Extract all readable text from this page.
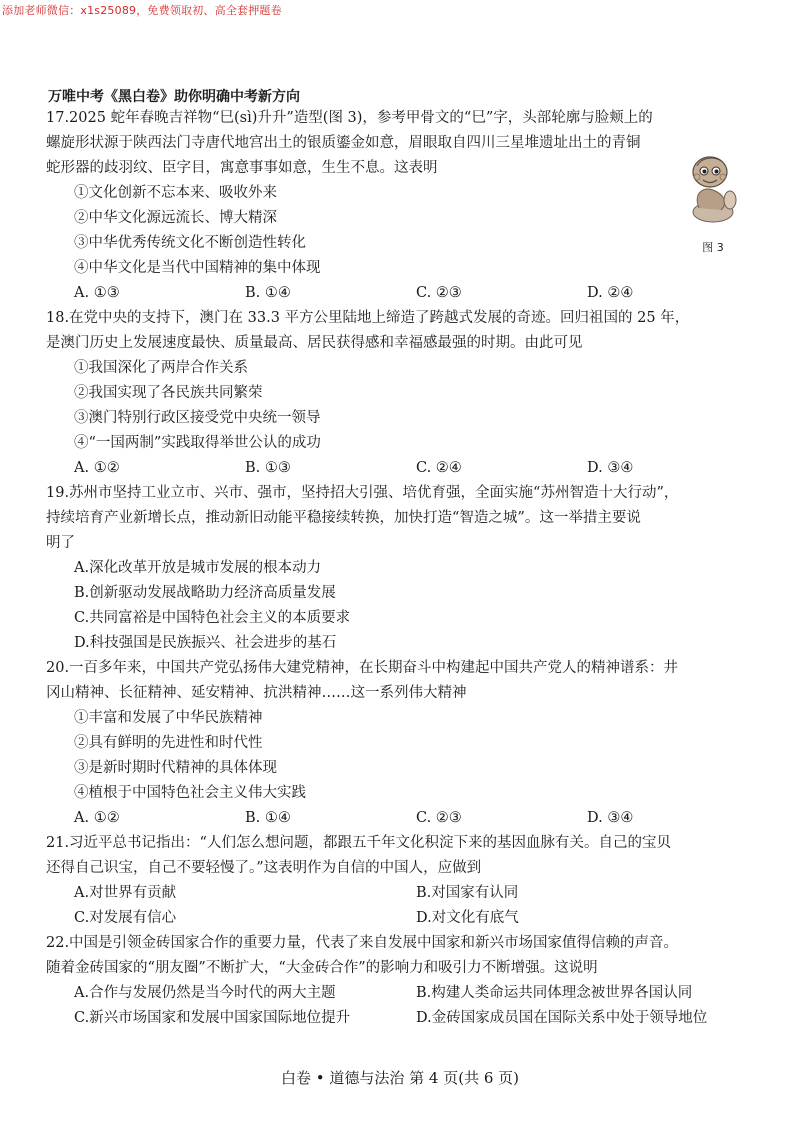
添加老师微信：x1s25089，免费领取初、高全套押题卷
万唯中考《黑白卷》助你明确中考新方向
17.2025 蛇年春晚吉祥物“巳(sì)升升”造型(图 3)，参考甲骨文的“巳”字，头部轮廓与脸颊上的
螺旋形状源于陕西法门寺唐代地宫出土的银质鎏金如意，眉眼取自四川三星堆遗址出土的青铜
蛇形器的歧羽纹、臣字目，寓意事事如意，生生不息。这表明
①文化创新不忘本来、吸收外来
②中华文化源远流长、博大精深
③中华优秀传统文化不断创造性转化
④中华文化是当代中国精神的集中体现
A. ①③	B. ①④	C. ②③	D. ②④
图 3
18.在党中央的支持下，澳门在 33.3 平方公里陆地上缔造了跨越式发展的奇迹。回归祖国的 25 年，
是澳门历史上发展速度最快、质量最高、居民获得感和幸福感最强的时期。由此可见
①我国深化了两岸合作关系
②我国实现了各民族共同繁荣
③澳门特别行政区接受党中央统一领导
④“一国两制”实践取得举世公认的成功
A. ①②	B. ①③	C. ②④	D. ③④
19.苏州市坚持工业立市、兴市、强市，坚持招大引强、培优育强，全面实施“苏州智造十大行动”，
持续培育产业新增长点，推动新旧动能平稳接续转换，加快打造“智造之城”。这一举措主要说
明了
A.深化改革开放是城市发展的根本动力
B.创新驱动发展战略助力经济高质量发展
C.共同富裕是中国特色社会主义的本质要求
D.科技强国是民族振兴、社会进步的基石
20.一百多年来，中国共产党弘扬伟大建党精神，在长期奋斗中构建起中国共产党人的精神谱系：井
冈山精神、长征精神、延安精神、抗洪精神……这一系列伟大精神
①丰富和发展了中华民族精神
②具有鲜明的先进性和时代性
③是新时期时代精神的具体体现
④植根于中国特色社会主义伟大实践
A. ①②	B. ①④	C. ②③	D. ③④
21.习近平总书记指出：“人们怎么想问题，都跟五千年文化积淀下来的基因血脉有关。自己的宝贝
还得自己识宝，自己不要轻慢了。”这表明作为自信的中国人，应做到
A.对世界有贡献	B.对国家有认同
C.对发展有信心	D.对文化有底气
22.中国是引领金砖国家合作的重要力量，代表了来自发展中国家和新兴市场国家值得信赖的声音。
随着金砖国家的“朋友圈”不断扩大，“大金砖合作”的影响力和吸引力不断增强。这说明
A.合作与发展仍然是当今时代的两大主题	B.构建人类命运共同体理念被世界各国认同
C.新兴市场国家和发展中国家国际地位提升	D.金砖国家成员国在国际关系中处于领导地位
白卷 • 道德与法治 第 4 页(共 6 页)
